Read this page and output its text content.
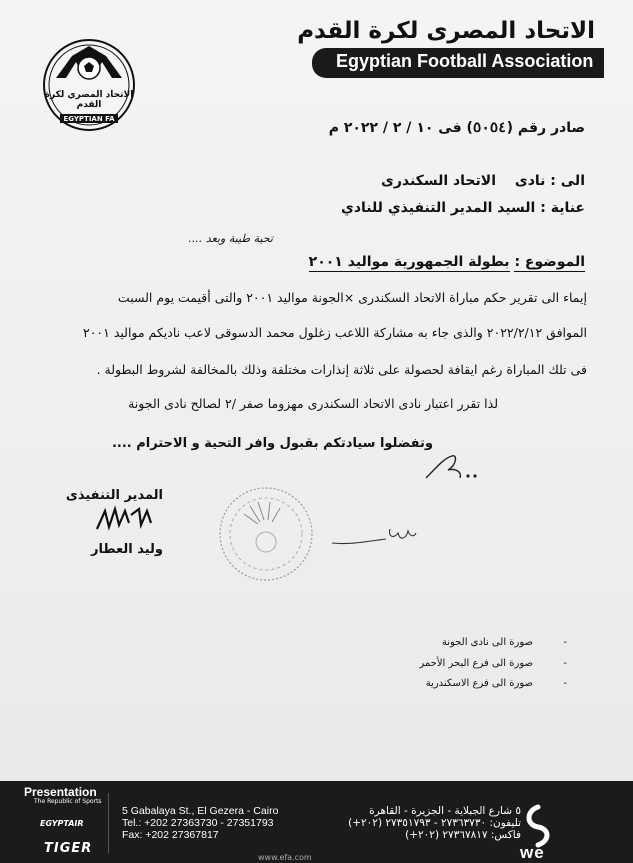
الاتحاد المصرى لكرة القدم
Egyptian Football Association
الاتحاد المصري لكرة القدم
EGYPTIAN FA
صادر رقم (٥٠٥٤) فى ١٠ / ٢ / ٢٠٢٢ م
الى : نادى الاتحاد السكندرى
عناية : السيد المدير التنفيذي للنادي
تحية طيبة وبعد ....
الموضوع : بطولة الجمهورية مواليد ٢٠٠١
إيماء الى تقرير حكم مباراة الاتحاد السكندرى ×الجونة مواليد ٢٠٠١ والتى أقيمت يوم السبت
الموافق ٢٠٢٢/٢/١٢ والذى جاء به مشاركة اللاعب زغلول محمد الدسوقى لاعب ناديكم مواليد ٢٠٠١
فى تلك المباراة رغم ايقافة لحصولة على ثلاثة إنذارات مختلفة وذلك بالمخالفة لشروط البطولة .
لذا تقرر اعتبار نادى الاتحاد السكندرى مهزوما صفر /٢ لصالح نادى الجونة
وتفضلوا سيادتكم بقبول وافر التحية و الاحترام ....
المدير التنفيذى
وليد العطار
صورة الى نادى الجونة	-
صورة الى فرع البحر الأحمر	-
صورة الى فرع الاسكندرية	-
Presentation
The Republic of Sports
EGYPTAIR
TIGER
5 Gabalaya St., El Gezera - Cairo
Tel.: +202 27363730 - 27351793
Fax: +202 27367817
٥ شارع الجبلاية - الجزيرة - القاهرة
تليفون: ٢٧٣٦٣٧٣٠ - ٢٧٣٥١٧٩٣ (٢٠٢+)
فاكس: ٢٧٣٦٧٨١٧ (٢٠٢+)
www.efa.com	we
